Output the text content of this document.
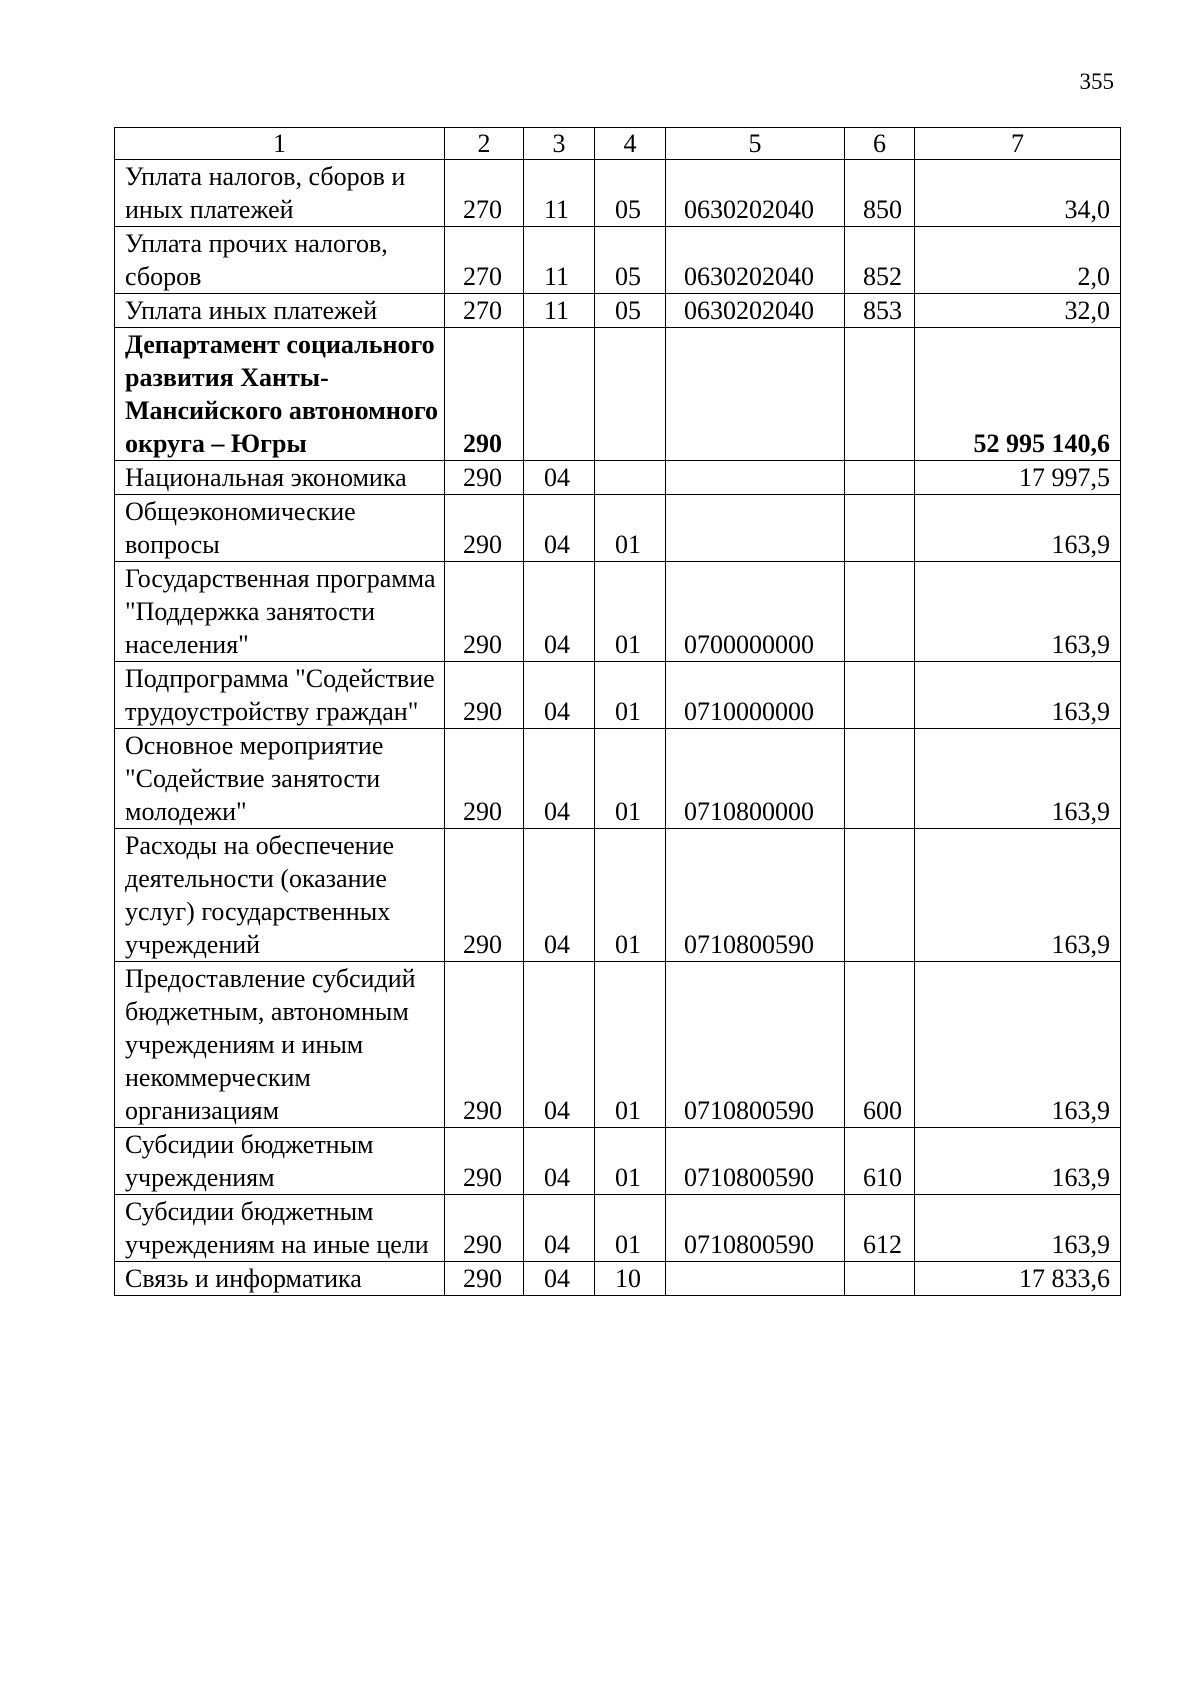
355
1	2	3	4	5	6	7
Уплата налогов, сборов и иных платежей	270	11	05	0630202040	850	34,0
Уплата прочих налогов, сборов	270	11	05	0630202040	852	2,0
Уплата иных платежей	270	11	05	0630202040	853	32,0
Департамент социального развития Ханты-Мансийского автономного округа – Югры	290					52 995 140,6
Национальная экономика	290	04				17 997,5
Общеэкономические вопросы	290	04	01			163,9
Государственная программа "Поддержка занятости населения"	290	04	01	0700000000		163,9
Подпрограмма "Содействие трудоустройству граждан"	290	04	01	0710000000		163,9
Основное мероприятие "Содействие занятости молодежи"	290	04	01	0710800000		163,9
Расходы на обеспечение деятельности (оказание услуг) государственных учреждений	290	04	01	0710800590		163,9
Предоставление субсидий бюджетным, автономным учреждениям и иным некоммерческим организациям	290	04	01	0710800590	600	163,9
Субсидии бюджетным учреждениям	290	04	01	0710800590	610	163,9
Субсидии бюджетным учреждениям на иные цели	290	04	01	0710800590	612	163,9
Связь и информатика	290	04	10			17 833,6
